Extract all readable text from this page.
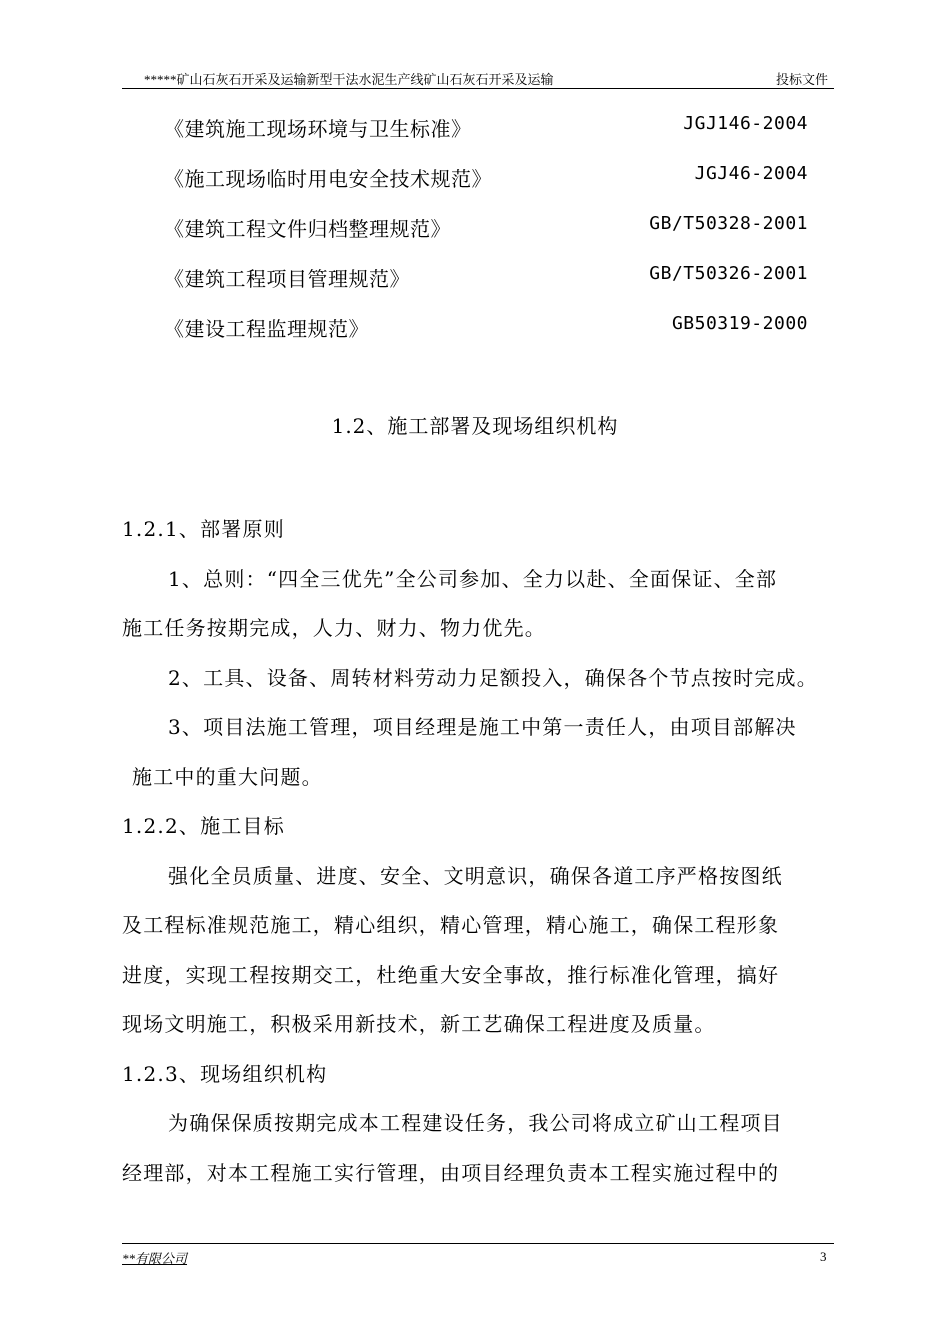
*****矿山石灰石开采及运输新型干法水泥生产线矿山石灰石开采及运输	投标文件
《建筑施工现场环境与卫生标准》	JGJ146-2004
《施工现场临时用电安全技术规范》	JGJ46-2004
《建筑工程文件归档整理规范》	GB/T50328-2001
《建筑工程项目管理规范》	GB/T50326-2001
《建设工程监理规范》	GB50319-2000
1.2、施工部署及现场组织机构
1.2.1、部署原则
1、总则：“四全三优先”全公司参加、全力以赴、全面保证、全部
施工任务按期完成，人力、财力、物力优先。
2、工具、设备、周转材料劳动力足额投入，确保各个节点按时完成。
3、项目法施工管理，项目经理是施工中第一责任人，由项目部解决
施工中的重大问题。
1.2.2、施工目标
强化全员质量、进度、安全、文明意识，确保各道工序严格按图纸
及工程标准规范施工，精心组织，精心管理，精心施工，确保工程形象
进度，实现工程按期交工，杜绝重大安全事故，推行标准化管理，搞好
现场文明施工，积极采用新技术，新工艺确保工程进度及质量。
1.2.3、现场组织机构
为确保保质按期完成本工程建设任务，我公司将成立矿山工程项目
经理部，对本工程施工实行管理，由项目经理负责本工程实施过程中的
**有限公司	3
